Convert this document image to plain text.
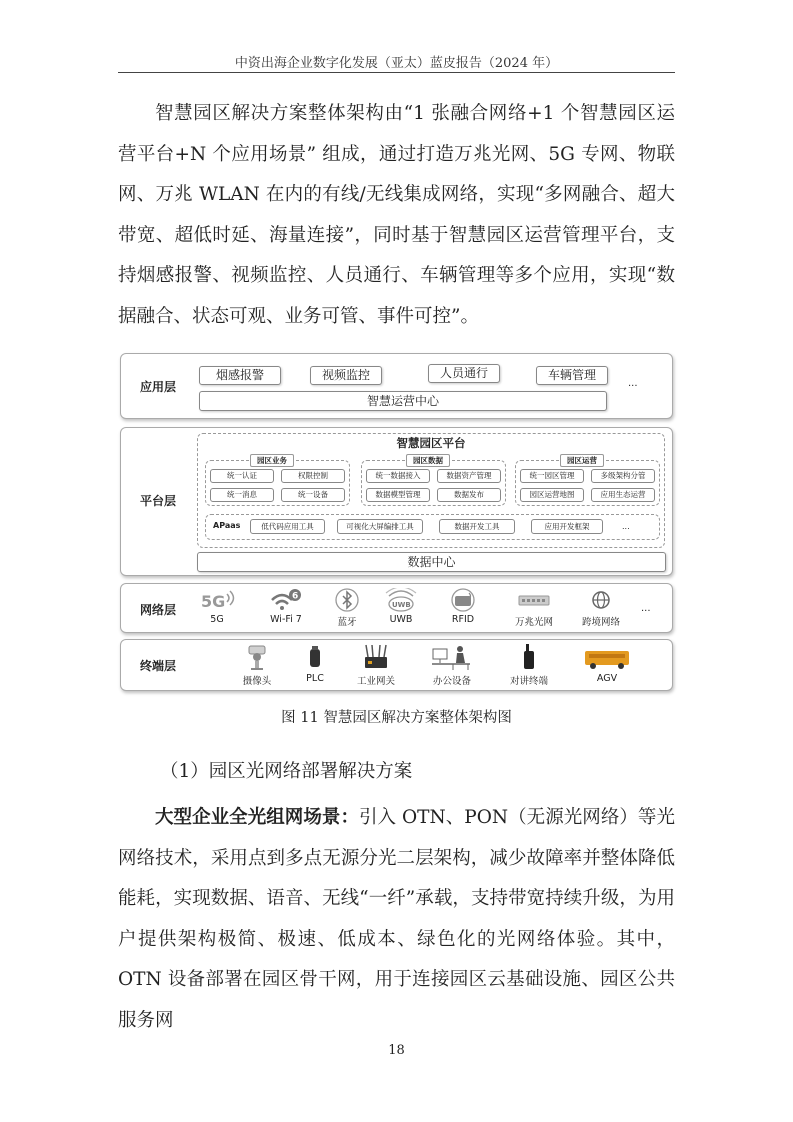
中资出海企业数字化发展（亚太）蓝皮报告（2024 年）
智慧园区解决方案整体架构由“1 张融合网络+1 个智慧园区运营平台+N 个应用场景” 组成，通过打造万兆光网、5G 专网、物联网、万兆 WLAN 在内的有线/无线集成网络，实现“多网融合、超大带宽、超低时延、海量连接”，同时基于智慧园区运营管理平台，支持烟感报警、视频监控、人员通行、车辆管理等多个应用，实现“数据融合、状态可观、业务可管、事件可控”。
应用层
烟感报警	视频监控	人员通行	车辆管理
...
智慧运营中心
平台层
智慧园区平台
园区业务
统一认证	权限控制
统一消息	统一设备
园区数据
统一数据接入	数据资产管理
数据模型管理	数据发布
园区运营
统一园区管理	多级架构分管
园区运营地图	应用生态运营
APaas	低代码应用工具	可视化大屏编排工具	数据开发工具	应用开发框架	...
数据中心
网络层	5G
5G
6
Wi-Fi 7	蓝牙
UWB
UWB	RFID	万兆光网	跨境网络
...
终端层
摄像头	PLC	工业网关	办公设备	对讲终端	AGV
图 11 智慧园区解决方案整体架构图
（1）园区光网络部署解决方案
大型企业全光组网场景：引入 OTN、PON（无源光网络）等光网络技术，采用点到多点无源分光二层架构，减少故障率并整体降低能耗，实现数据、语音、无线“一纤”承载，支持带宽持续升级，为用户提供架构极简、极速、低成本、绿色化的光网络体验。其中，OTN 设备部署在园区骨干网，用于连接园区云基础设施、园区公共服务网
18
